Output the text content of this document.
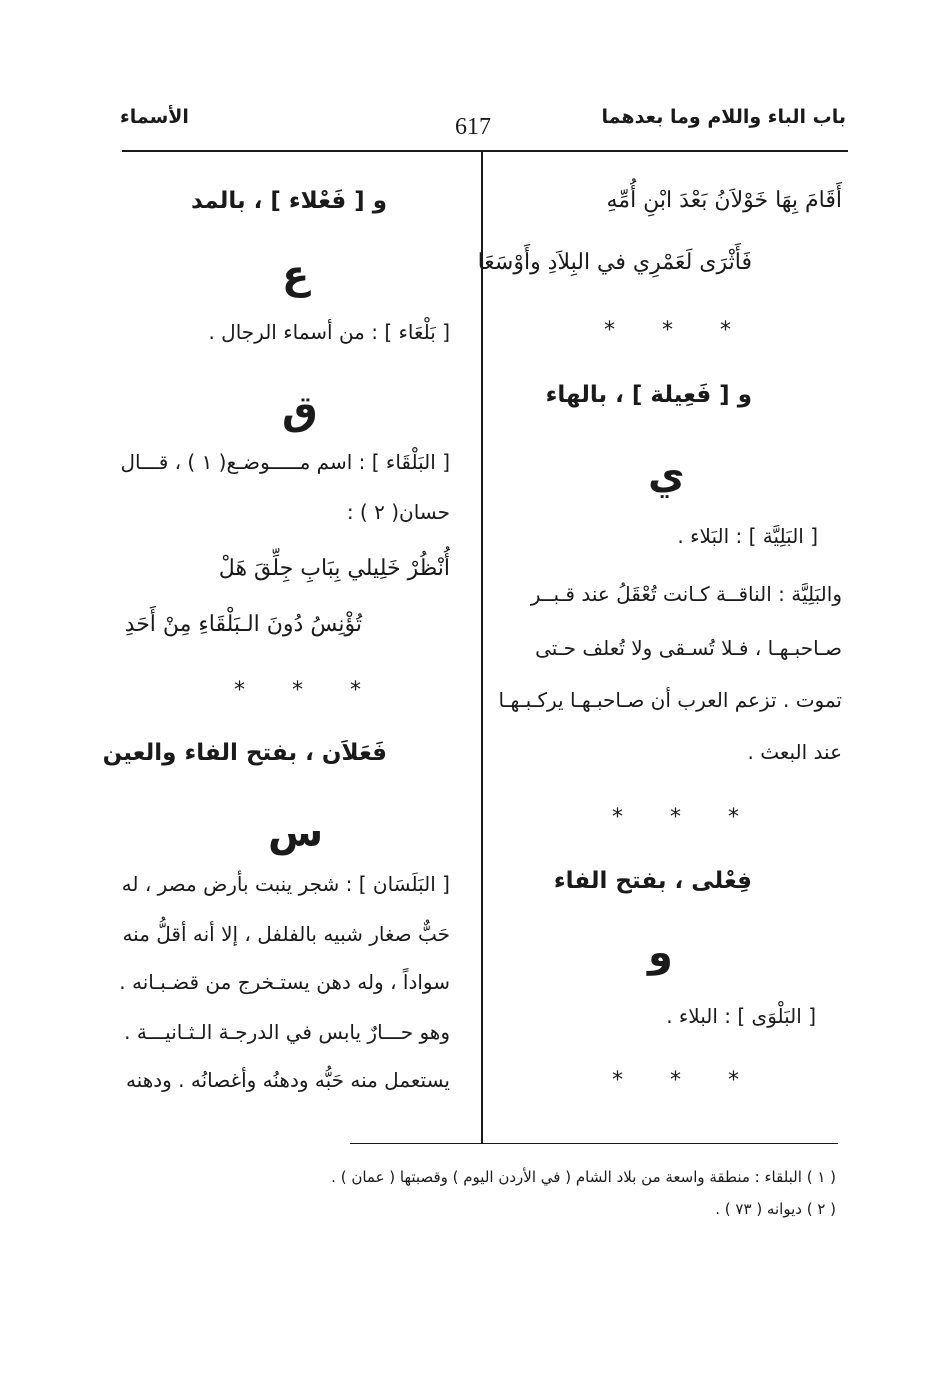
باب الباء واللام وما بعدهما
617
الأسماء
أَقَامَ بِهَا خَوْلاَنُ بَعْدَ ابْنِ أُمِّهِ
فَأَثْرَى لَعَمْرِي في البِلاَدِ وأَوْسَعَا
* * *
و [ فَعِيلة ] ، بالهاء
ي
[ البَلِيَّة ] : البَلاء .
والبَلِيَّة : الناقــة كـانت تُعْقَلُ عند قـبــر
صـاحبـهـا ، فـلا تُسـقى ولا تُعلف حـتى
تموت . تزعم العرب أن صـاحبـهـا يركـبـهـا
عند البعث .
* * *
فِعْلى ، بفتح الفاء
و
[ البَلْوَى ] : البلاء .
* * *
و [ فَعْلاء ] ، بالمد
ع
[ بَلْعَاء ] : من أسماء الرجال .
ق
[ البَلْقَاء ] : اسم مـــــوضـع( ١ ) ، قـــال
حسان( ٢ ) :
أُنْظُرْ خَلِيلي بِبَابِ جِلِّقَ هَلْ
تُؤْنِسُ دُونَ الـبَلْقَاءِ مِنْ أَحَدِ
* * *
فَعَلاَن ، بفتح الفاء والعين
س
[ البَلَسَان ] : شجر ينبت بأرض مصر ، له
حَبٌّ صغار شبيه بالفلفل ، إلا أنه أقلُّ منه
سواداً ، وله دهن يستـخرج من قضـبـانه .
وهو حـــارٌ يابس في الدرجـة الـثـانيـــة .
يستعمل منه حَبُّه ودهنُه وأغصانُه . ودهنه
( ١ ) البلقاء : منطقة واسعة من بلاد الشام ( في الأردن اليوم ) وقصبتها ( عمان ) .
( ٢ ) ديوانه ( ٧٣ ) .
